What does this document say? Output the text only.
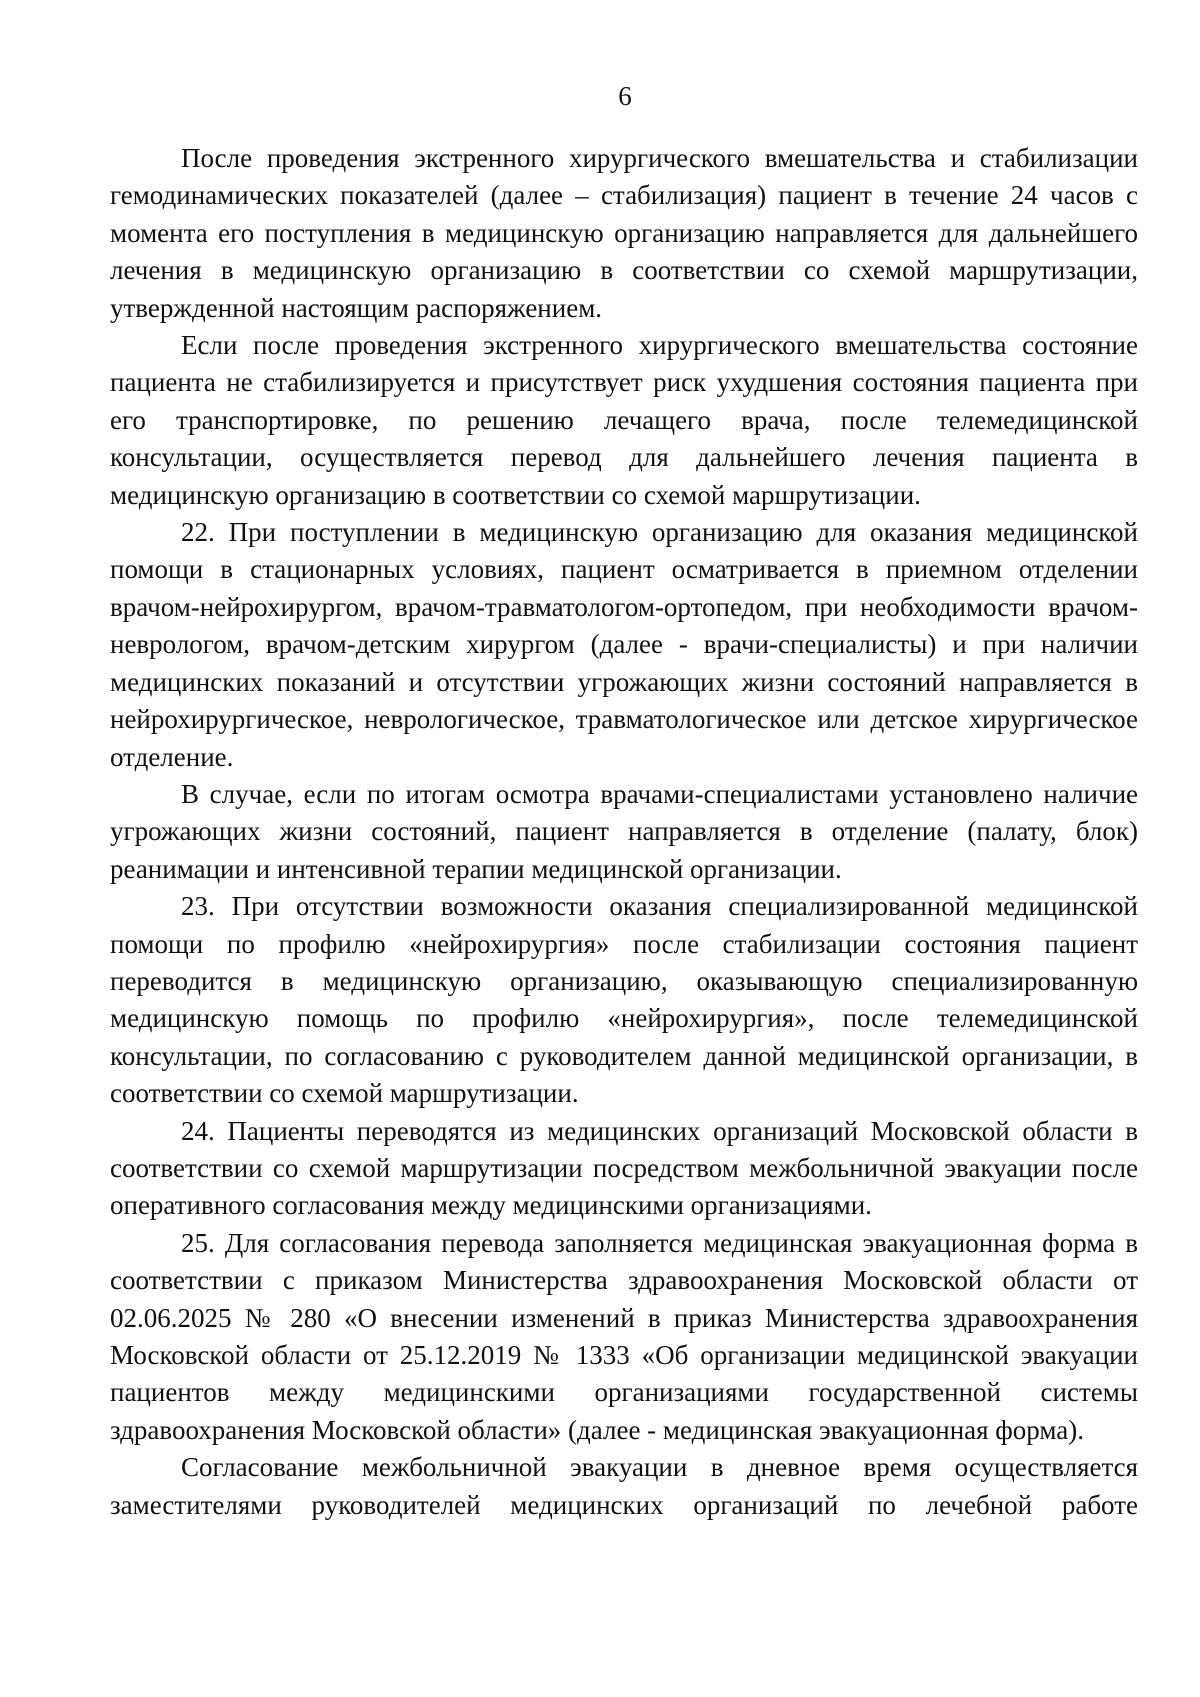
6

После проведения экстренного хирургического вмешательства и стабилизации гемодинамических показателей (далее – стабилизация) пациент в течение 24 часов с момента его поступления в медицинскую организацию направляется для дальнейшего лечения в медицинскую организацию в соответствии со схемой маршрутизации, утвержденной настоящим распоряжением.

Если после проведения экстренного хирургического вмешательства состояние пациента не стабилизируется и присутствует риск ухудшения состояния пациента при его транспортировке, по решению лечащего врача, после телемедицинской консультации, осуществляется перевод для дальнейшего лечения пациента в медицинскую организацию в соответствии со схемой маршрутизации.

22. При поступлении в медицинскую организацию для оказания медицинской помощи в стационарных условиях, пациент осматривается в приемном отделении врачом-нейрохирургом, врачом-травматологом-ортопедом, при необходимости врачом-неврологом, врачом-детским хирургом (далее - врачи-специалисты) и при наличии медицинских показаний и отсутствии угрожающих жизни состояний направляется в нейрохирургическое, неврологическое, травматологическое или детское хирургическое отделение.

В случае, если по итогам осмотра врачами-специалистами установлено наличие угрожающих жизни состояний, пациент направляется в отделение (палату, блок) реанимации и интенсивной терапии медицинской организации.

23. При отсутствии возможности оказания специализированной медицинской помощи по профилю «нейрохирургия» после стабилизации состояния пациент переводится в медицинскую организацию, оказывающую специализированную медицинскую помощь по профилю «нейрохирургия», после телемедицинской консультации, по согласованию с руководителем данной медицинской организации, в соответствии со схемой маршрутизации.

24. Пациенты переводятся из медицинских организаций Московской области в соответствии со схемой маршрутизации посредством межбольничной эвакуации после оперативного согласования между медицинскими организациями.

25. Для согласования перевода заполняется медицинская эвакуационная форма в соответствии с приказом Министерства здравоохранения Московской области от 02.06.2025 № 280 «О внесении изменений в приказ Министерства здравоохранения Московской области от 25.12.2019 № 1333 «Об организации медицинской эвакуации пациентов между медицинскими организациями государственной системы здравоохранения Московской области» (далее - медицинская эвакуационная форма).

Согласование межбольничной эвакуации в дневное время осуществляется заместителями руководителей медицинских организаций по лечебной работе
